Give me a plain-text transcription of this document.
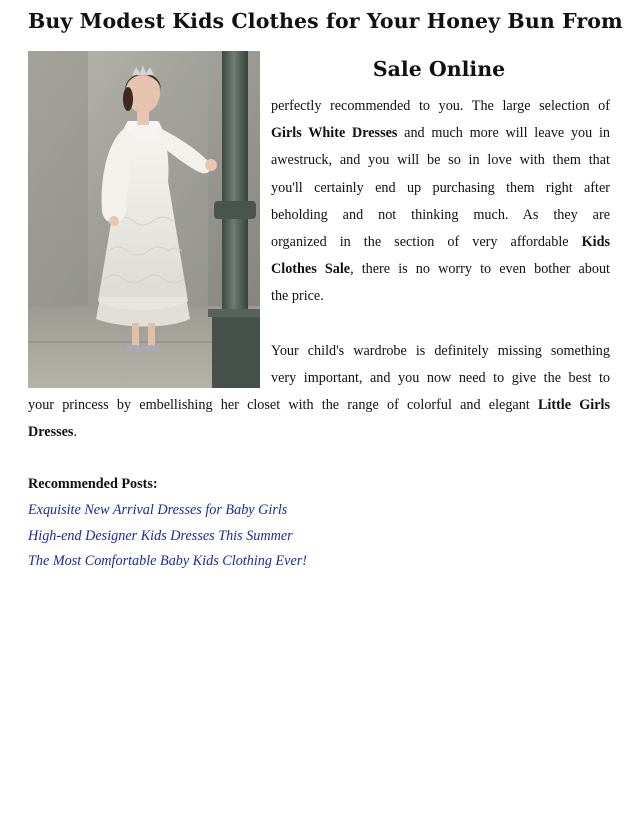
Buy Modest Kids Clothes for Your Honey Bun From
Sale Online
perfectly recommended to you. The large selection of
Girls White Dresses and much more will leave you in
awestruck, and you will be so in love with them that
you'll certainly end up purchasing them right after
beholding and not thinking much. As they are
organized in the section of very affordable Kids
Clothes Sale, there is no worry to even bother about
the price.
Your child's wardrobe is definitely missing something
very important, and you now need to give the best to
your princess by embellishing her closet with the range of colorful and elegant Little Girls
Dresses.
Recommended Posts:
Exquisite New Arrival Dresses for Baby Girls
High-end Designer Kids Dresses This Summer
The Most Comfortable Baby Kids Clothing Ever!
